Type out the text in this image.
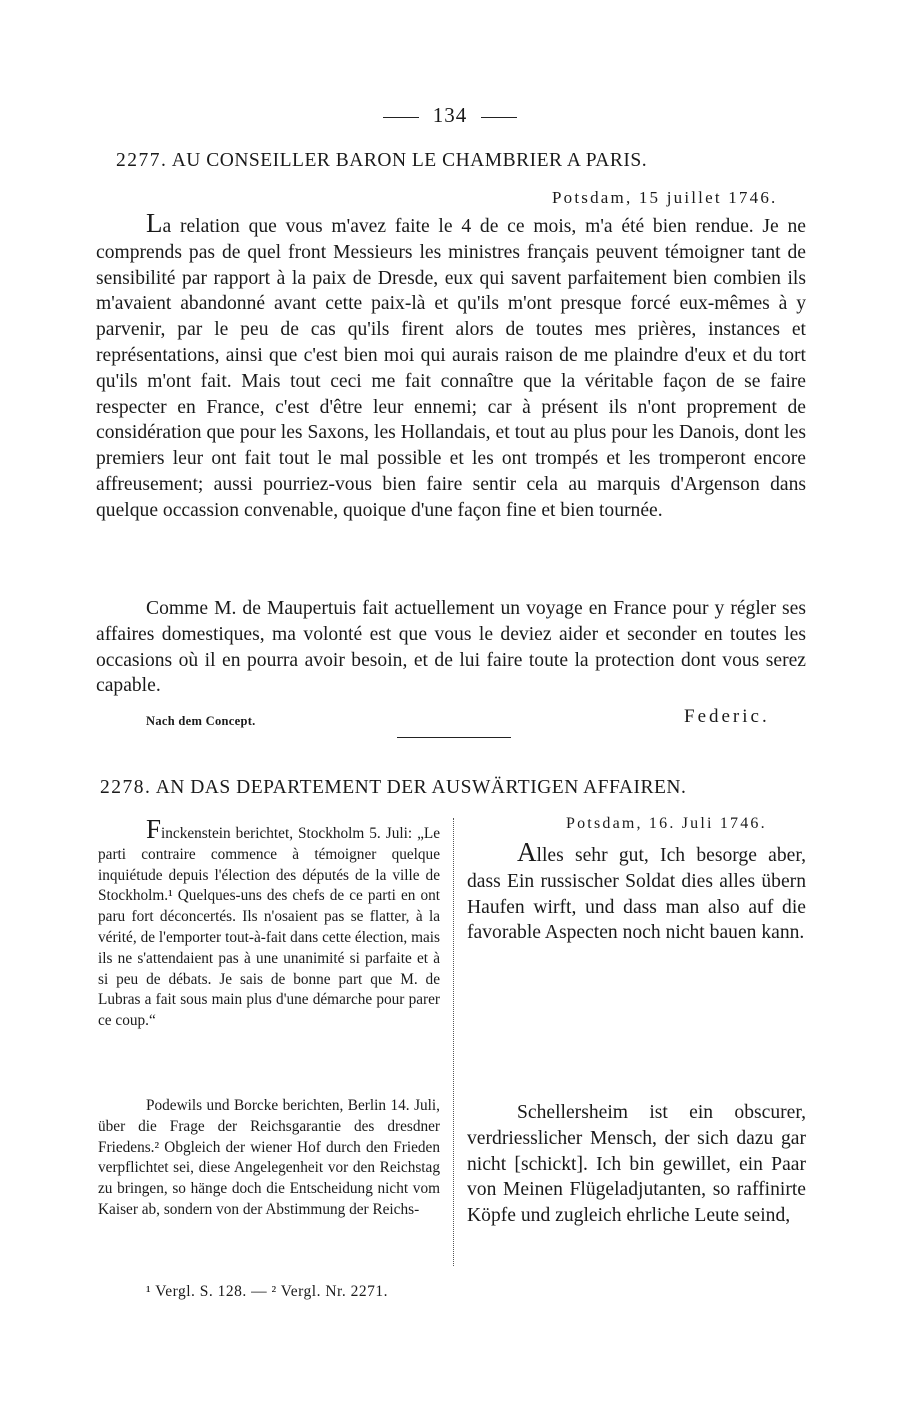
134
2277. AU CONSEILLER BARON LE CHAMBRIER A PARIS.
Potsdam, 15 juillet 1746.

La relation que vous m'avez faite le 4 de ce mois, m'a été bien rendue. Je ne comprends pas de quel front Messieurs les ministres français peuvent témoigner tant de sensibilité par rapport à la paix de Dresde, eux qui savent parfaitement bien combien ils m'avaient abandonné avant cette paix-là et qu'ils m'ont presque forcé eux-mêmes à y parvenir, par le peu de cas qu'ils firent alors de toutes mes prières, instances et représentations, ainsi que c'est bien moi qui aurais raison de me plaindre d'eux et du tort qu'ils m'ont fait. Mais tout ceci me fait connaître que la véritable façon de se faire respecter en France, c'est d'être leur ennemi; car à présent ils n'ont proprement de considération que pour les Saxons, les Hollandais, et tout au plus pour les Danois, dont les premiers leur ont fait tout le mal possible et les ont trompés et les tromperont encore affreusement; aussi pourriez-vous bien faire sentir cela au marquis d'Argenson dans quelque occassion convenable, quoique d'une façon fine et bien tournée.

Comme M. de Maupertuis fait actuellement un voyage en France pour y régler ses affaires domestiques, ma volonté est que vous le deviez aider et seconder en toutes les occasions où il en pourra avoir besoin, et de lui faire toute la protection dont vous serez capable.

Nach dem Concept.	Federic.
2278. AN DAS DEPARTEMENT DER AUSWÄRTIGEN AFFAIREN.

Finckenstein berichtet, Stockholm 5. Juli: „Le parti contraire commence à témoigner quelque inquiétude depuis l'élection des députés de la ville de Stockholm.¹ Quelques-uns des chefs de ce parti en ont paru fort déconcertés. Ils n'osaient pas se flatter, à la vérité, de l'emporter tout-à-fait dans cette élection, mais ils ne s'attendaient pas à une unanimité si parfaite et à si peu de débats. Je sais de bonne part que M. de Lubras a fait sous main plus d'une démarche pour parer ce coup.“

Podewils und Borcke berichten, Berlin 14. Juli, über die Frage der Reichsgarantie des dresdner Friedens.² Obgleich der wiener Hof durch den Frieden verpflichtet sei, diese Angelegenheit vor den Reichstag zu bringen, so hänge doch die Entscheidung nicht vom Kaiser ab, sondern von der Abstimmung der Reichs-

Potsdam, 16. Juli 1746.

Alles sehr gut, Ich besorge aber, dass Ein russischer Soldat dies alles übern Haufen wirft, und dass man also auf die favorable Aspecten noch nicht bauen kann.

Schellersheim ist ein obscurer, verdriesslicher Mensch, der sich dazu gar nicht [schickt]. Ich bin gewillet, ein Paar von Meinen Flügeladjutanten, so raffinirte Köpfe und zugleich ehrliche Leute seind,

¹ Vergl. S. 128. — ² Vergl. Nr. 2271.
